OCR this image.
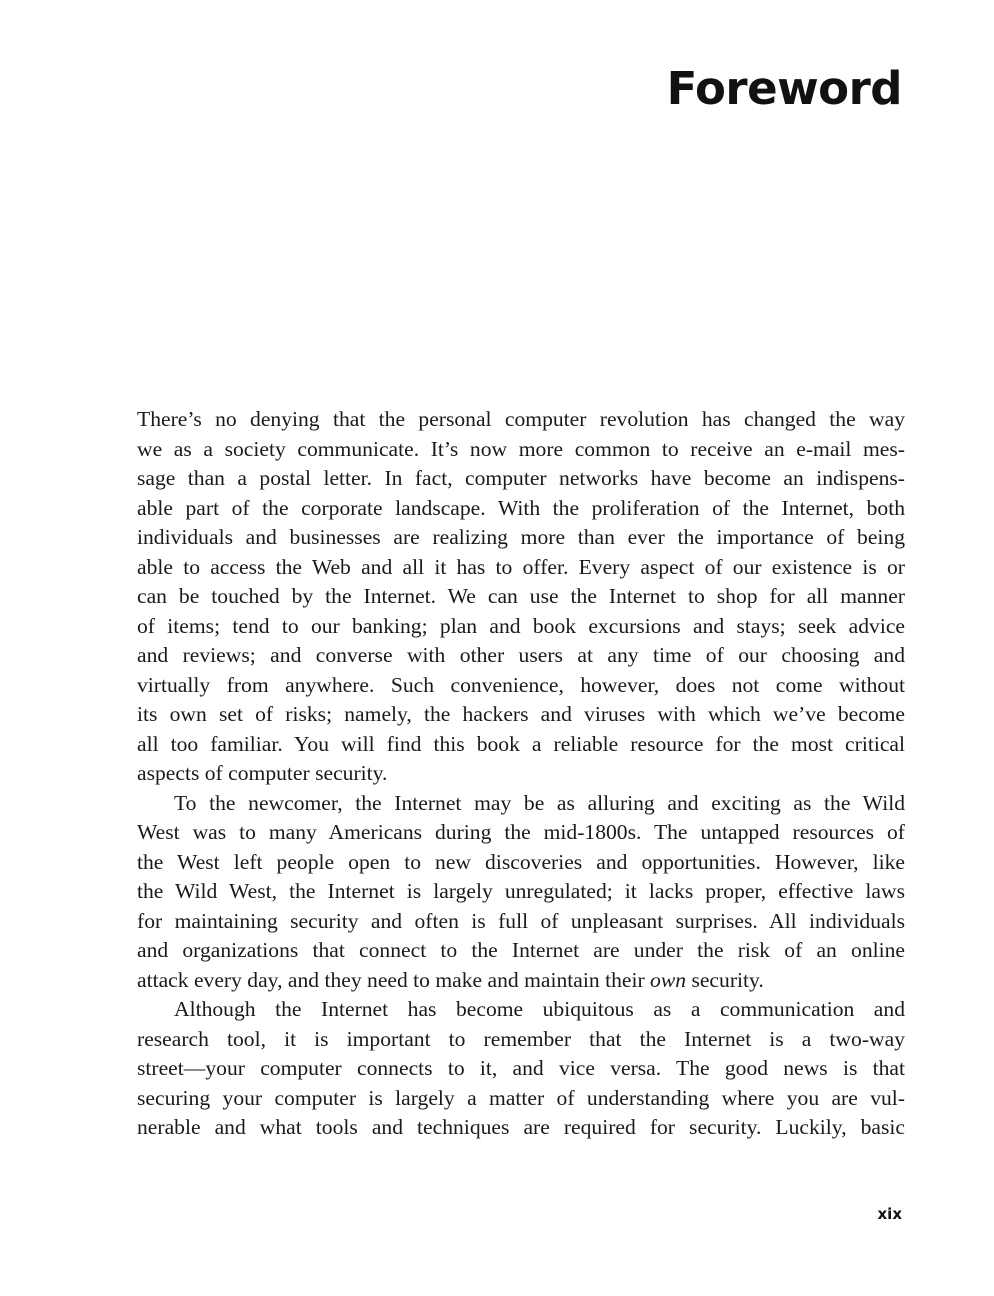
Foreword
There’s no denying that the personal computer revolution has changed the way
we as a society communicate. It’s now more common to receive an e-mail mes-
sage than a postal letter. In fact, computer networks have become an indispens-
able part of the corporate landscape. With the proliferation of the Internet, both
individuals and businesses are realizing more than ever the importance of being
able to access the Web and all it has to offer. Every aspect of our existence is or
can be touched by the Internet. We can use the Internet to shop for all manner
of items; tend to our banking; plan and book excursions and stays; seek advice
and reviews; and converse with other users at any time of our choosing and
virtually from anywhere. Such convenience, however, does not come without
its own set of risks; namely, the hackers and viruses with which we’ve become
all too familiar. You will find this book a reliable resource for the most critical
aspects of computer security.
To the newcomer, the Internet may be as alluring and exciting as the Wild
West was to many Americans during the mid-1800s. The untapped resources of
the West left people open to new discoveries and opportunities. However, like
the Wild West, the Internet is largely unregulated; it lacks proper, effective laws
for maintaining security and often is full of unpleasant surprises. All individuals
and organizations that connect to the Internet are under the risk of an online
attack every day, and they need to make and maintain their own security.
Although the Internet has become ubiquitous as a communication and
research tool, it is important to remember that the Internet is a two-way
street—your computer connects to it, and vice versa. The good news is that
securing your computer is largely a matter of understanding where you are vul-
nerable and what tools and techniques are required for security. Luckily, basic
xix
